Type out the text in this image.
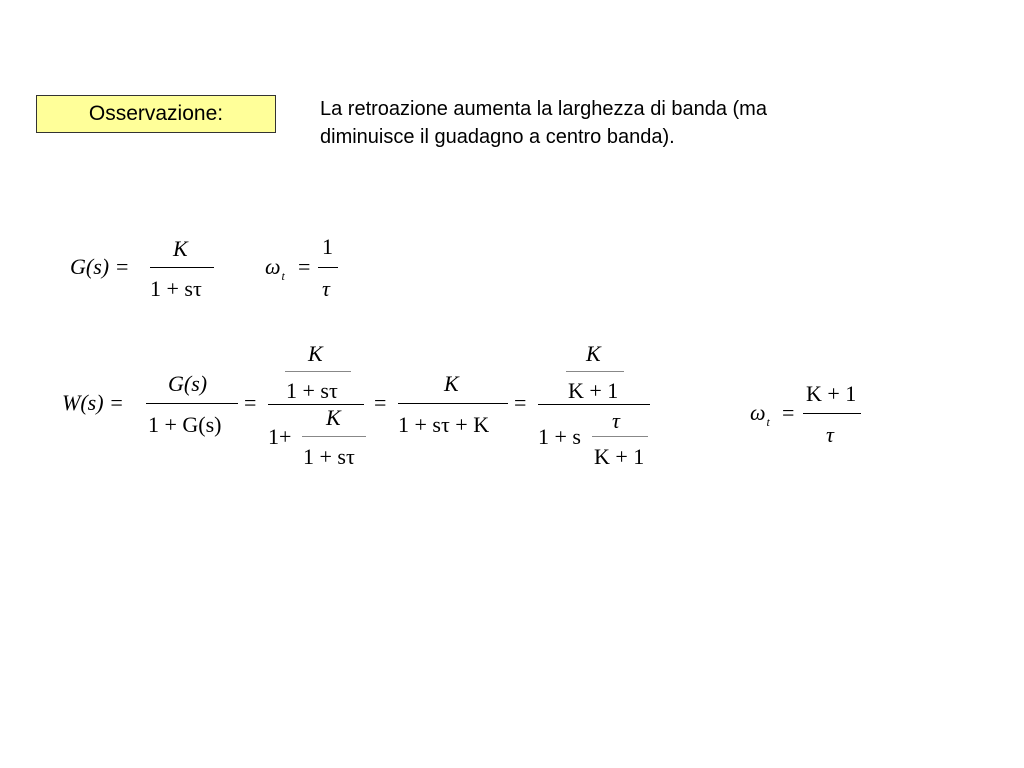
Osservazione:	La retroazione aumenta la larghezza di banda (ma
diminuisce il guadagno a centro banda).
G(s) =
K
1 + sτ
$\omega_t$ =
1
τ
W(s) =
G(s)
1 + G(s)
=
K
1 + sτ
1+
K
1 + sτ
=
K
1 + sτ + K
=
K
K + 1
1 + s
τ
K + 1
$\omega_t$ =
K + 1
τ
